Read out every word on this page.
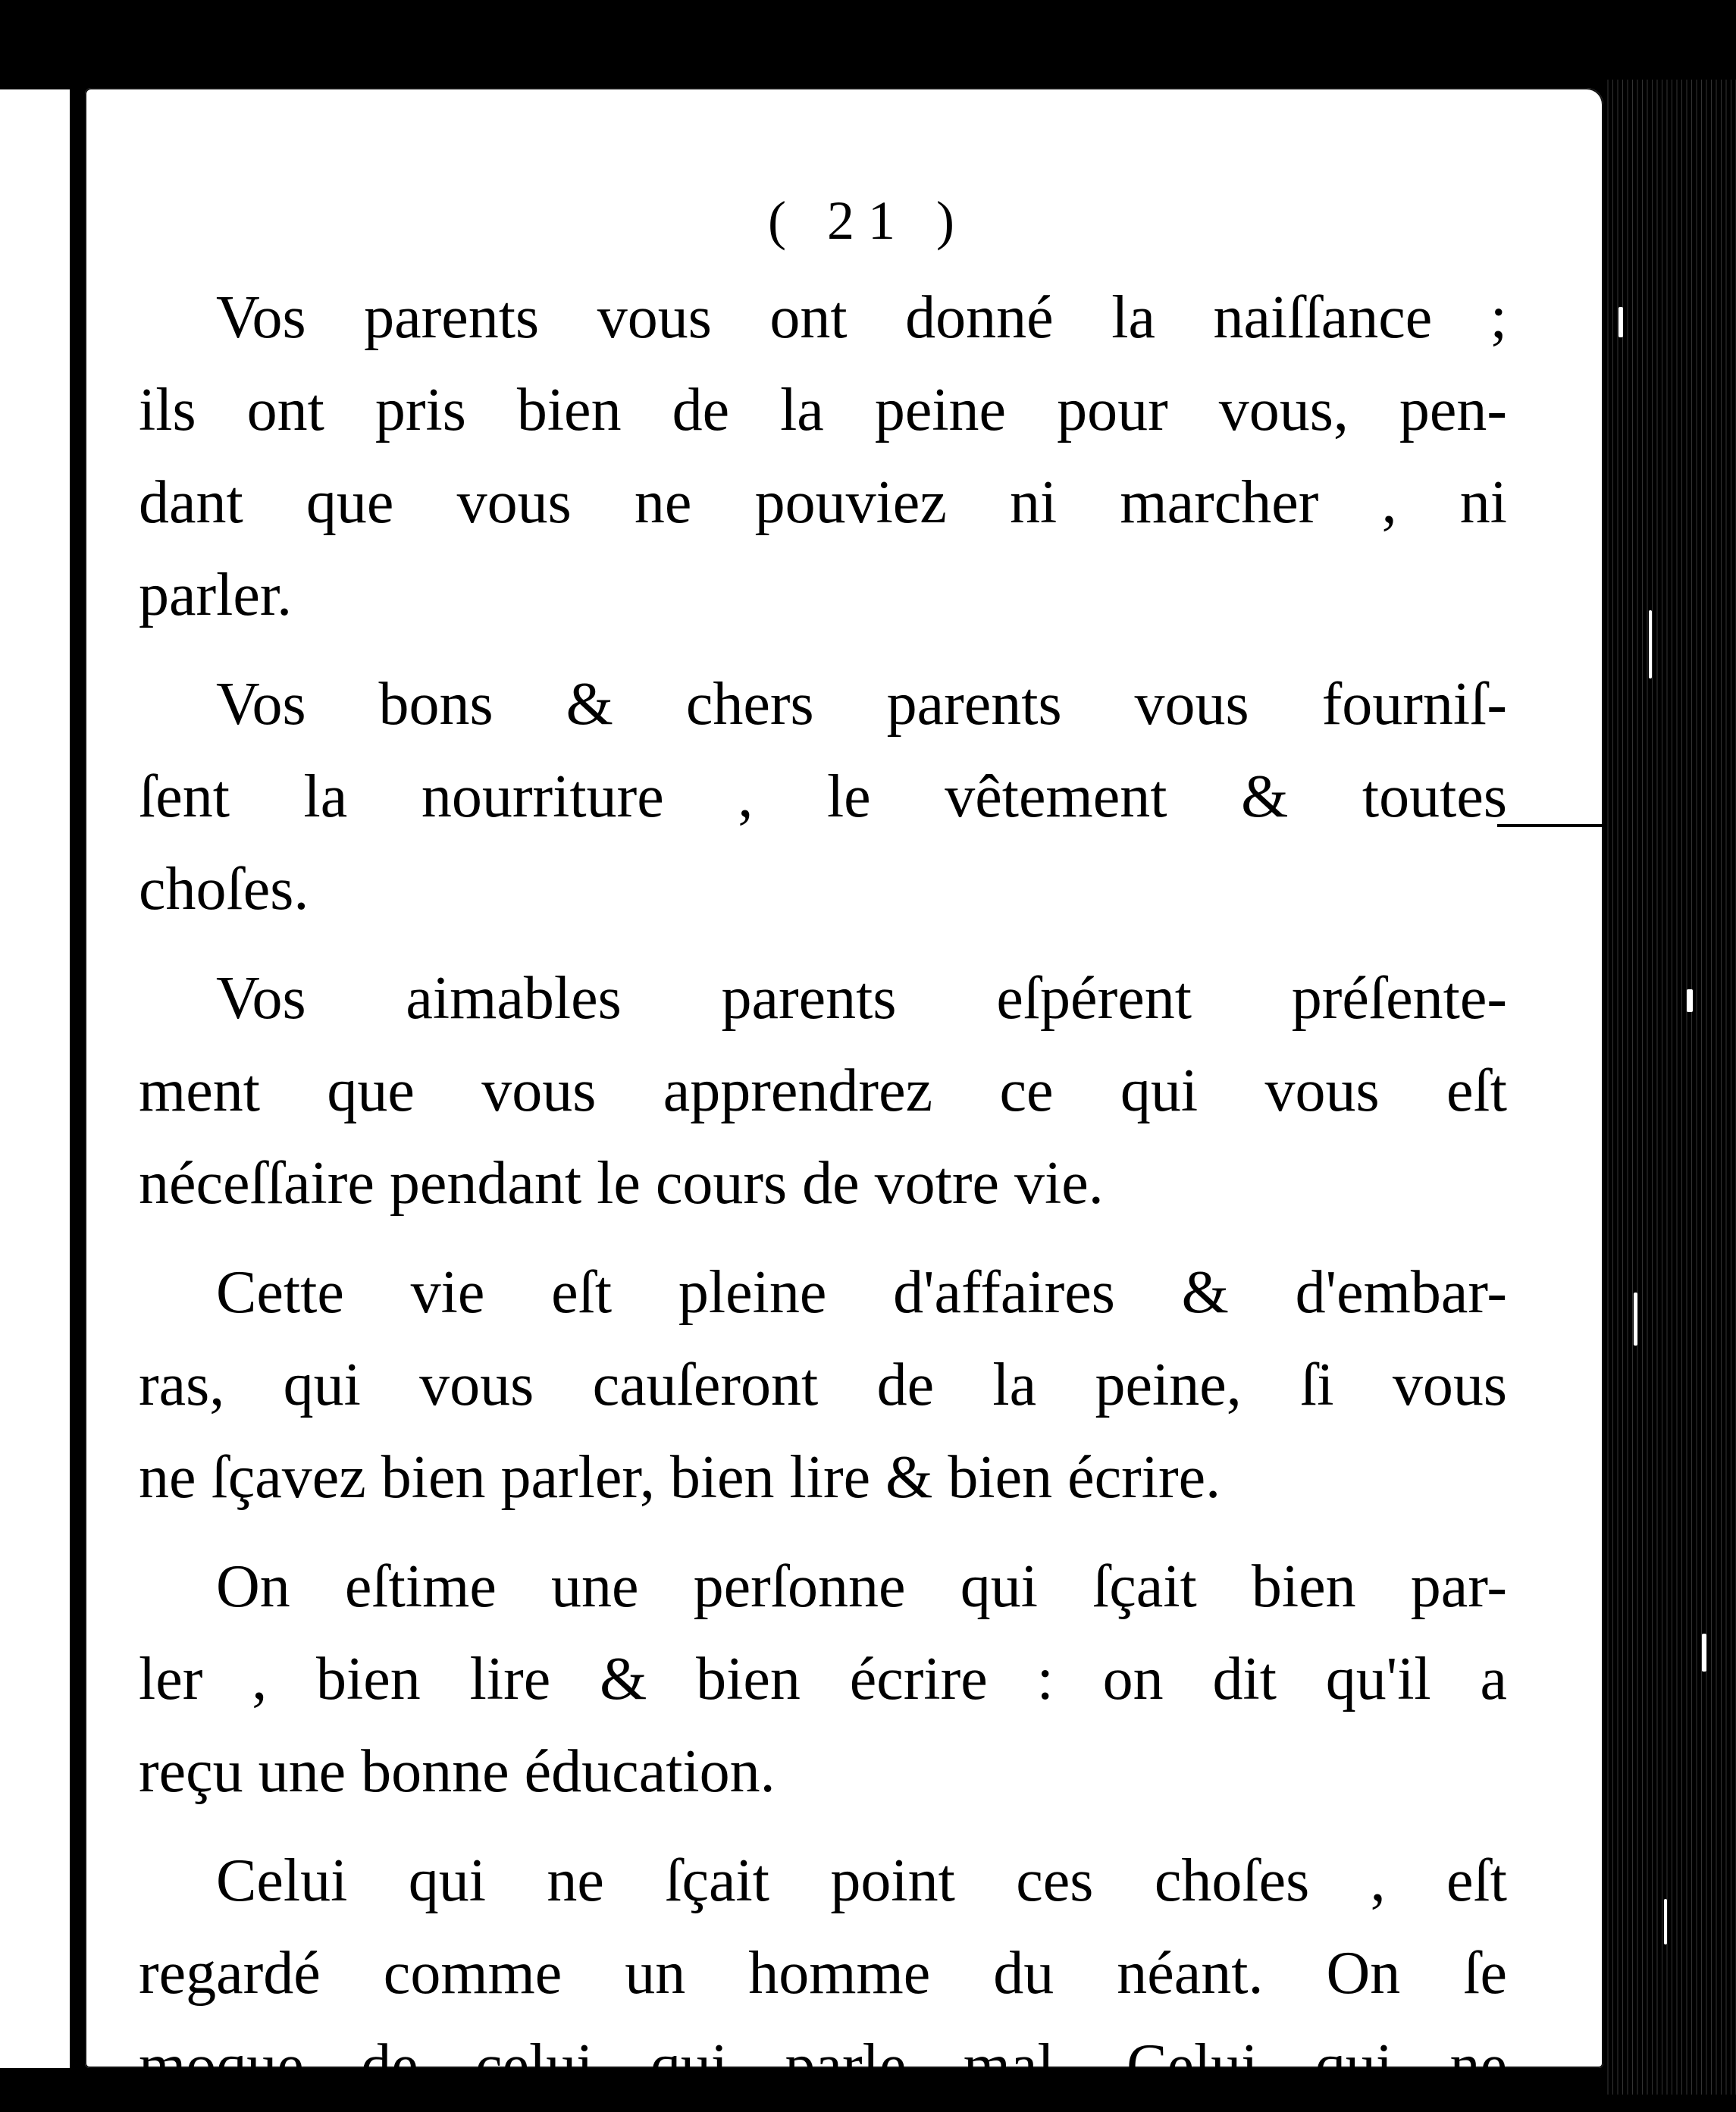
( 21 )
Vos parents vous ont donné la naiſſance ;
ils ont pris bien de la peine pour vous, pen-
dant que vous ne pouviez ni marcher , ni
parler.
Vos bons & chers parents vous fourniſ-
ſent la nourriture , le vêtement & toutes
choſes.
Vos aimables parents eſpérent préſente-
ment que vous apprendrez ce qui vous eſt
néceſſaire pendant le cours de votre vie.
Cette vie eſt pleine d'affaires & d'embar-
ras, qui vous cauſeront de la peine, ſi vous
ne ſçavez bien parler, bien lire & bien écrire.
On eſtime une perſonne qui ſçait bien par-
ler , bien lire & bien écrire : on dit qu'il a
reçu une bonne éducation.
Celui qui ne ſçait point ces choſes , eſt
regardé comme un homme du néant. On ſe
moque de celui qui parle mal. Celui qui ne
